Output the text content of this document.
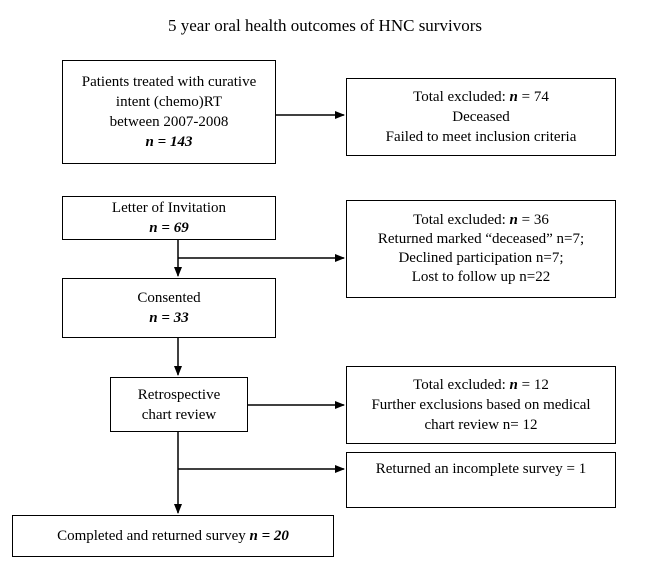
5 year oral health outcomes of HNC survivors
Patients treated with curative
intent (chemo)RT
between 2007-2008
n = 143
Total excluded: n = 74
Deceased
Failed to meet inclusion criteria
Letter of Invitation
n = 69	Total excluded: n = 36
Returned marked “deceased” n=7;
Declined participation n=7;
Lost to follow up n=22
Consented
n = 33
Retrospective
chart review
Total excluded: n = 12
Further exclusions based on medical
chart review n= 12
Returned an incomplete survey = 1
Completed and returned survey n = 20
